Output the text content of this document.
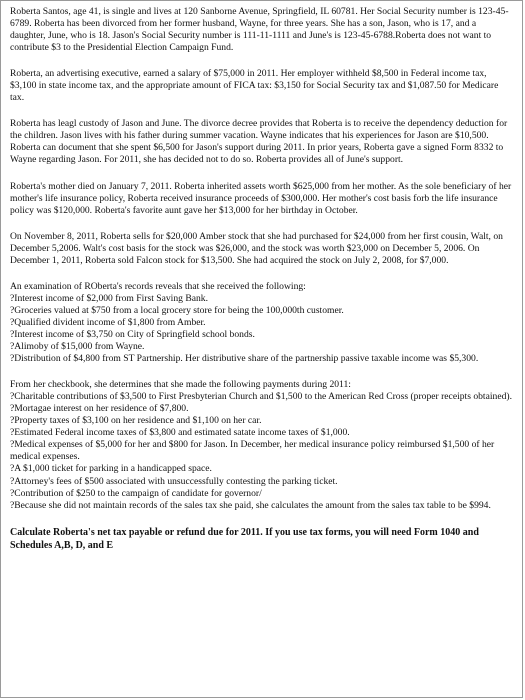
Roberta Santos, age 41, is single and lives at 120 Sanborne Avenue, Springfield, IL 60781. Her Social Security number is 123-45-6789. Roberta has been divorced from her former husband, Wayne, for three years. She has a son, Jason, who is 17, and a daughter, June, who is 18. Jason's Social Security number is 111-11-1111 and June's is 123-45-6788.Roberta does not want to contribute $3 to the Presidential Election Campaign Fund.

Roberta, an advertising executive, earned a salary of $75,000 in 2011. Her employer withheld $8,500 in Federal income tax, $3,100 in state income tax, and the appropriate amount of FICA tax: $3,150 for Social Security tax and $1,087.50 for Medicare tax.

Roberta has leagl custody of Jason and June. The divorce decree provides that Roberta is to receive the dependency deduction for the children. Jason lives with his father during summer vacation. Wayne indicates that his experiences for Jason are $10,500. Roberta can document that she spent $6,500 for Jason's support during 2011. In prior years, Roberta gave a signed Form 8332 to Wayne regarding Jason. For 2011, she has decided not to do so. Roberta provides all of June's support.

Roberta's mother died on January 7, 2011. Roberta inherited assets worth $625,000 from her mother. As the sole beneficiary of her mother's life insurance policy, Roberta received insurance proceeds of $300,000. Her mother's cost basis forb the life insurance policy was $120,000. Roberta's favorite aunt gave her $13,000 for her birthday in October.

On November 8, 2011, Roberta sells for $20,000 Amber stock that she had purchased for $24,000 from her first cousin, Walt, on December 5,2006. Walt's cost basis for the stock was $26,000, and the stock was worth $23,000 on December 5, 2006. On December 1, 2011, Roberta sold Falcon stock for $13,500. She had acquired the stock on July 2, 2008, for $7,000.

An examination of ROberta's records reveals that she received the following:

?Interest income of $2,000 from First Saving Bank.

?Groceries valued at $750 from a local grocery store for being the 100,000th customer.

?Qualified divident income of $1,800 from Amber.

?Interest income of $3,750 on City of Springfield school bonds.

?Alimoby of $15,000 from Wayne.

?Distribution of $4,800 from ST Partnership. Her distributive share of the partnership passive taxable income was $5,300.

From her checkbook, she determines that she made the following payments during 2011:

?Charitable contributions of $3,500 to First Presbyterian Church and $1,500 to the American Red Cross (proper receipts obtained).

?Mortagae interest on her residence of $7,800.

?Property taxes of $3,100 on her residence and $1,100 on her car.

?Estimated Federal income taxes of $3,800 and estimated satate income taxes of $1,000.

?Medical expenses of $5,000 for her and $800 for Jason. In December, her medical insurance policy reimbursed $1,500 of her medical expenses.

?A $1,000 ticket for parking in a handicapped space.

?Attorney's fees of $500 associated with unsuccessfully contesting the parking ticket.

?Contribution of $250 to the campaign of candidate for governor/

?Because she did not maintain records of the sales tax she paid, she calculates the amount from the sales tax table to be $994.

Calculate Roberta's net tax payable or refund due for 2011. If you use tax forms, you will need Form 1040 and Schedules A,B, D, and E
